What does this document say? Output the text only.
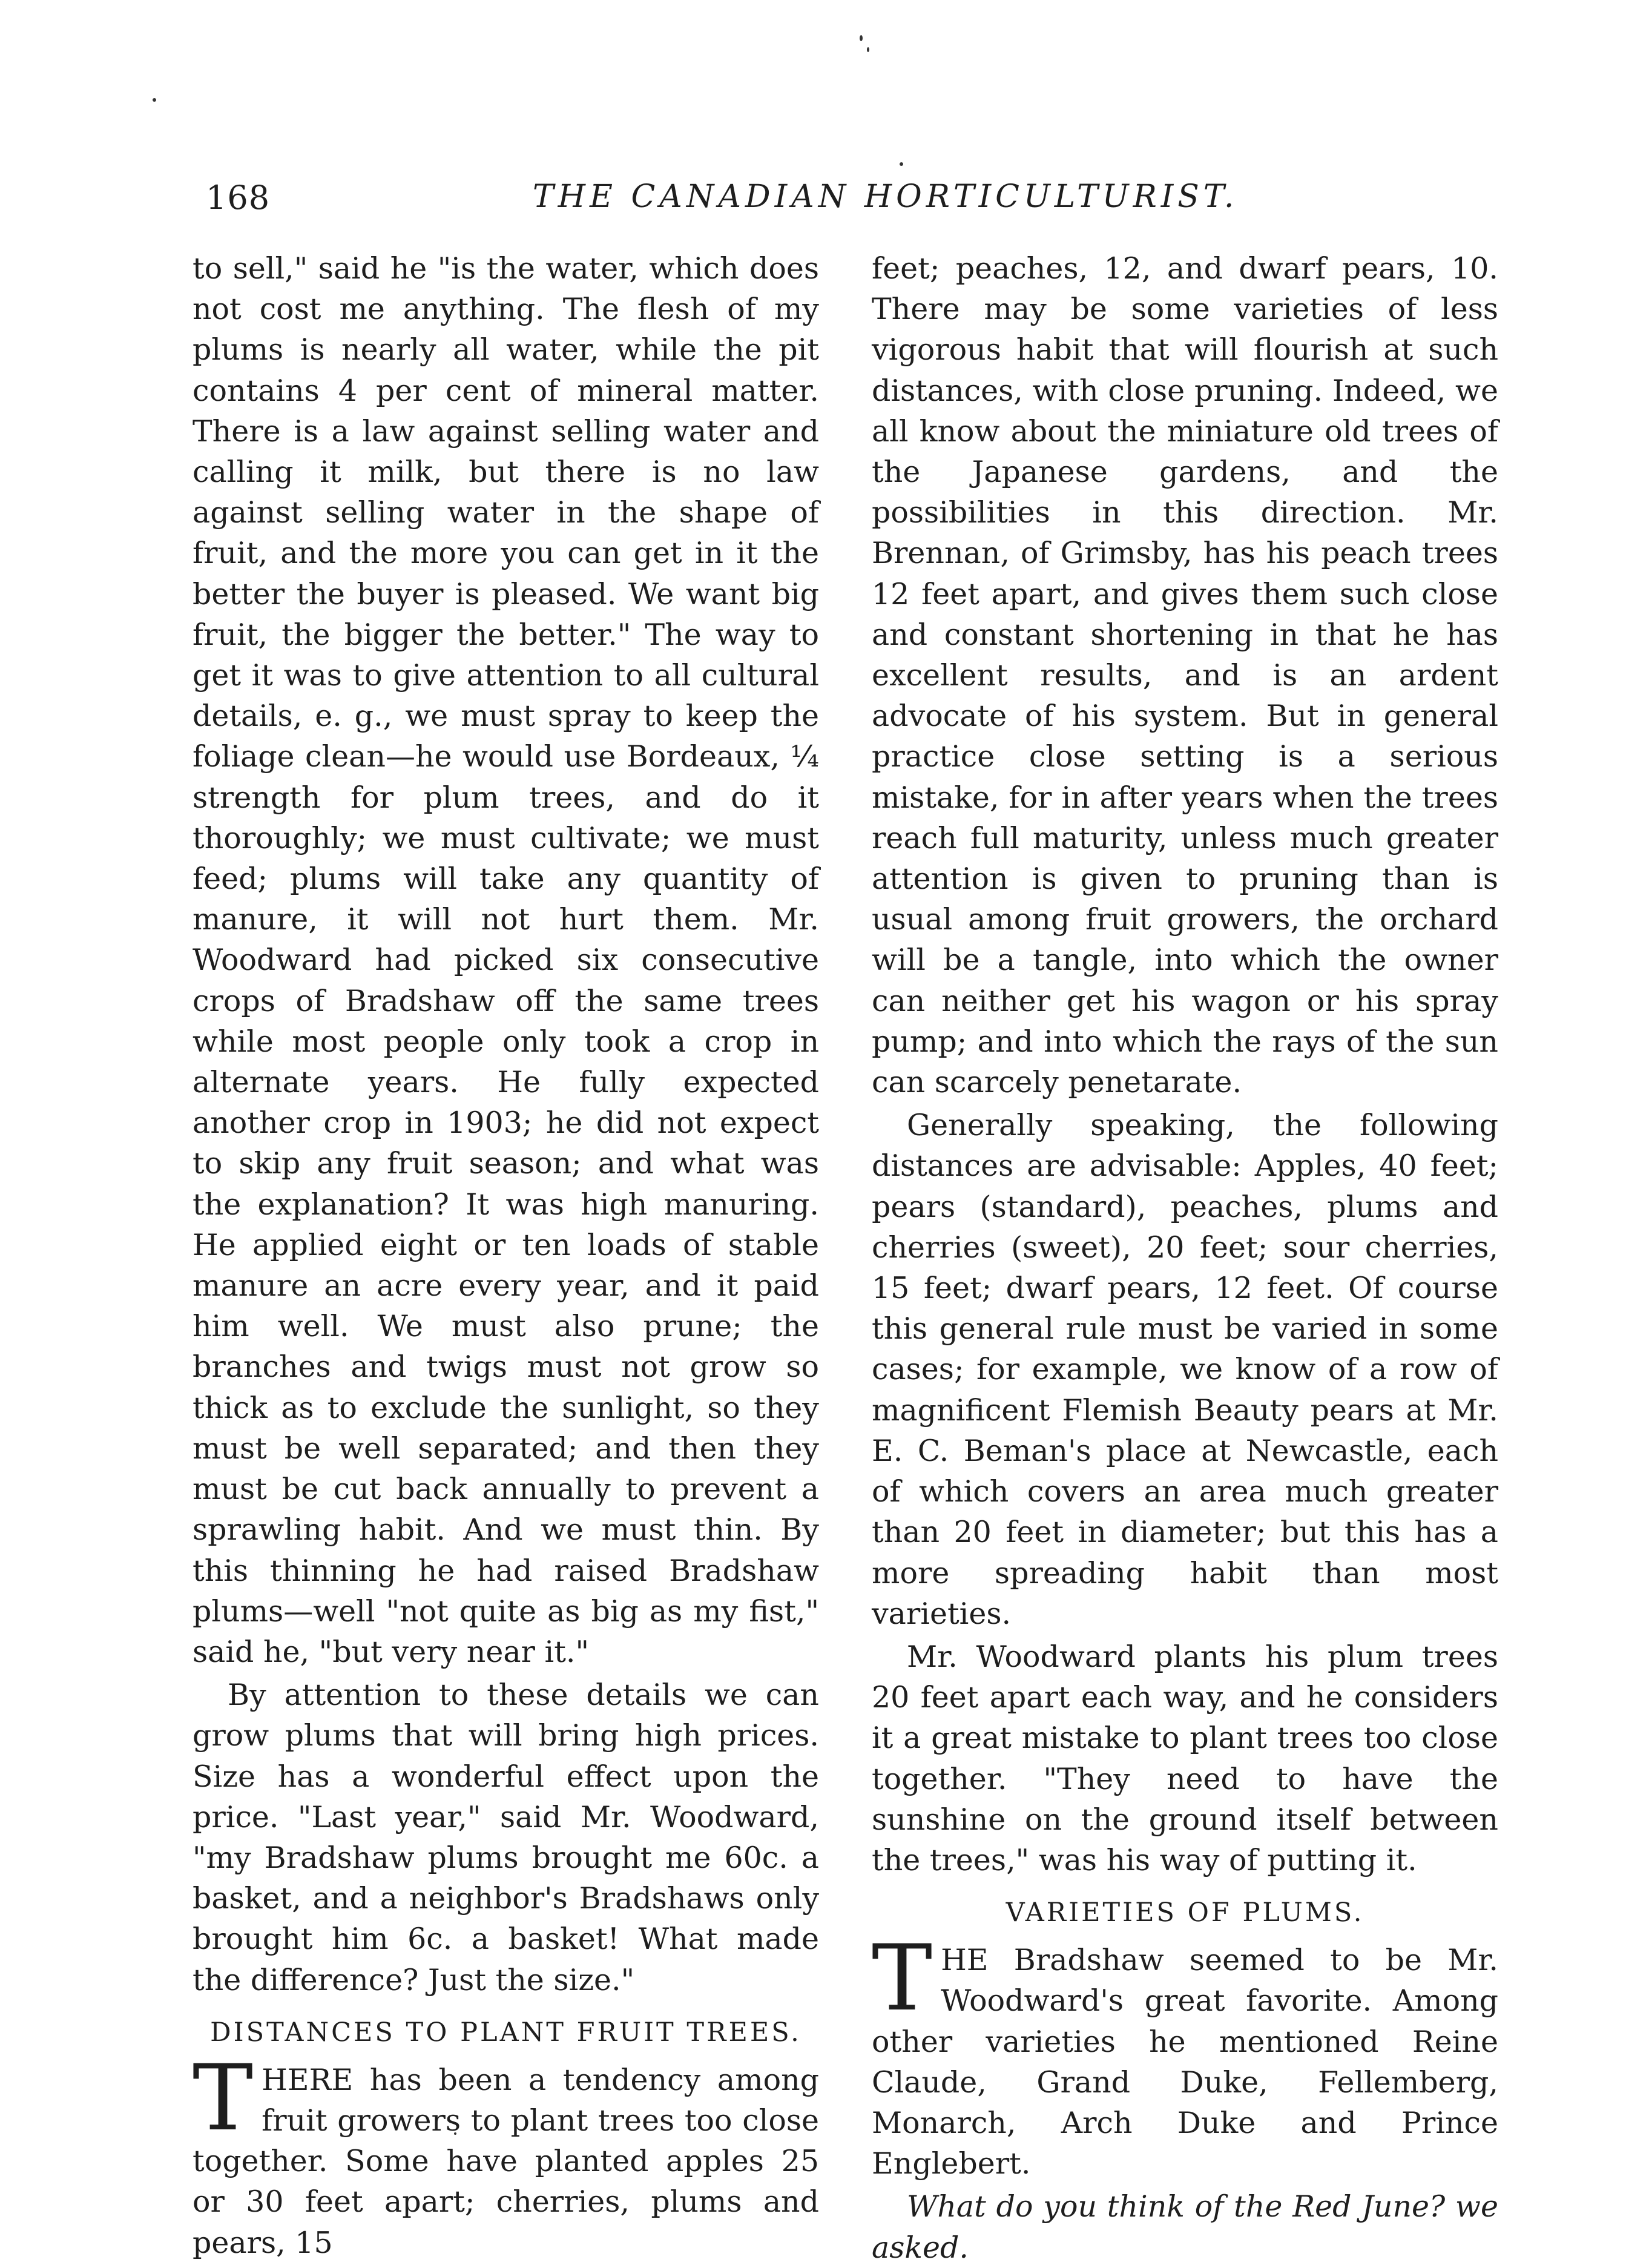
168	THE CANADIAN HORTICULTURIST.

to sell," said he "is the water, which does not cost me anything. The flesh of my plums is nearly all water, while the pit contains 4 per cent of mineral matter. There is a law against selling water and calling it milk, but there is no law against selling water in the shape of fruit, and the more you can get in it the better the buyer is pleased. We want big fruit, the bigger the better." The way to get it was to give attention to all cultural details, e. g., we must spray to keep the foliage clean—he would use Bordeaux, ¼ strength for plum trees, and do it thoroughly; we must cultivate; we must feed; plums will take any quantity of manure, it will not hurt them. Mr. Woodward had picked six consecutive crops of Bradshaw off the same trees while most people only took a crop in alternate years. He fully expected another crop in 1903; he did not expect to skip any fruit season; and what was the explanation? It was high manuring. He applied eight or ten loads of stable manure an acre every year, and it paid him well. We must also prune; the branches and twigs must not grow so thick as to exclude the sunlight, so they must be well separated; and then they must be cut back annually to prevent a sprawling habit. And we must thin. By this thinning he had raised Bradshaw plums—well "not quite as big as my fist," said he, "but very near it."

By attention to these details we can grow plums that will bring high prices. Size has a wonderful effect upon the price. "Last year," said Mr. Woodward, "my Bradshaw plums brought me 60c. a basket, and a neighbor's Bradshaws only brought him 6c. a basket! What made the difference? Just the size."

DISTANCES TO PLANT FRUIT TREES.

THERE has been a tendency among fruit growers to plant trees too close together. Some have planted apples 25 or 30 feet apart; cherries, plums and pears, 15

feet; peaches, 12, and dwarf pears, 10. There may be some varieties of less vigorous habit that will flourish at such distances, with close pruning. Indeed, we all know about the miniature old trees of the Japanese gardens, and the possibilities in this direction. Mr. Brennan, of Grimsby, has his peach trees 12 feet apart, and gives them such close and constant shortening in that he has excellent results, and is an ardent advocate of his system. But in general practice close setting is a serious mistake, for in after years when the trees reach full maturity, unless much greater attention is given to pruning than is usual among fruit growers, the orchard will be a tangle, into which the owner can neither get his wagon or his spray pump; and into which the rays of the sun can scarcely penetarate.

Generally speaking, the following distances are advisable: Apples, 40 feet; pears (standard), peaches, plums and cherries (sweet), 20 feet; sour cherries, 15 feet; dwarf pears, 12 feet. Of course this general rule must be varied in some cases; for example, we know of a row of magnificent Flemish Beauty pears at Mr. E. C. Beman's place at Newcastle, each of which covers an area much greater than 20 feet in diameter; but this has a more spreading habit than most varieties.

Mr. Woodward plants his plum trees 20 feet apart each way, and he considers it a great mistake to plant trees too close together. "They need to have the sunshine on the ground itself between the trees," was his way of putting it.

VARIETIES OF PLUMS.

THE Bradshaw seemed to be Mr. Woodward's great favorite. Among other varieties he mentioned Reine Claude, Grand Duke, Fellemberg, Monarch, Arch Duke and Prince Englebert.

What do you think of the Red June? we asked.
